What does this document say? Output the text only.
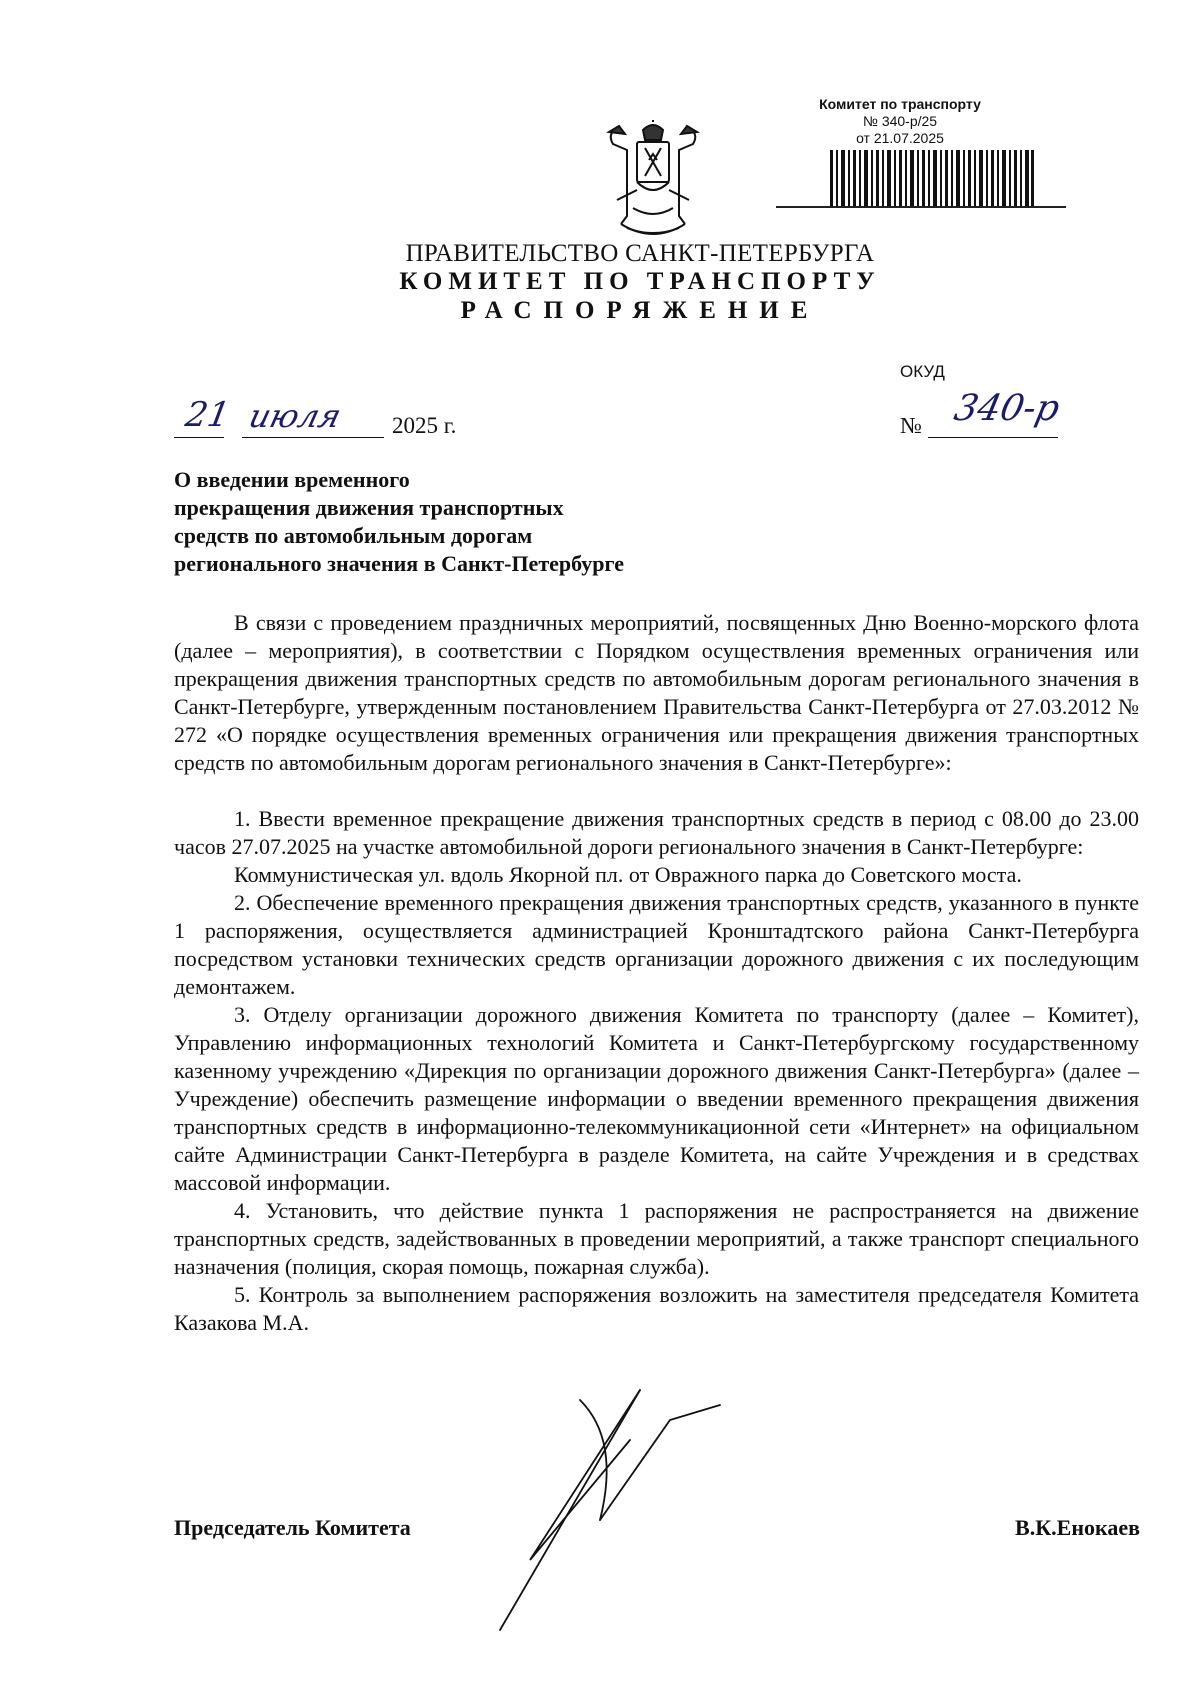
Комитет по транспорту
№ 340-р/25
от 21.07.2025
ПРАВИТЕЛЬСТВО САНКТ-ПЕТЕРБУРГА
КОМИТЕТ ПО ТРАНСПОРТУ
РАСПОРЯЖЕНИЕ
ОКУД
21 июля 2025 г.	№ 340-р
О введении временного
прекращения движения транспортных
средств по автомобильным дорогам
регионального значения в Санкт-Петербурге

В связи с проведением праздничных мероприятий, посвященных Дню Военно-морского флота (далее – мероприятия), в соответствии с Порядком осуществления временных ограничения или прекращения движения транспортных средств по автомобильным дорогам регионального значения в Санкт-Петербурге, утвержденным постановлением Правительства Санкт-Петербурга от 27.03.2012 № 272 «О порядке осуществления временных ограничения или прекращения движения транспортных средств по автомобильным дорогам регионального значения в Санкт-Петербурге»:

1. Ввести временное прекращение движения транспортных средств в период с 08.00 до 23.00 часов 27.07.2025 на участке автомобильной дороги регионального значения в Санкт-Петербурге:

Коммунистическая ул. вдоль Якорной пл. от Овражного парка до Советского моста.

2. Обеспечение временного прекращения движения транспортных средств, указанного в пункте 1 распоряжения, осуществляется администрацией Кронштадтского района Санкт-Петербурга посредством установки технических средств организации дорожного движения с их последующим демонтажем.

3. Отделу организации дорожного движения Комитета по транспорту (далее – Комитет), Управлению информационных технологий Комитета и Санкт-Петербургскому государственному казенному учреждению «Дирекция по организации дорожного движения Санкт-Петербурга» (далее – Учреждение) обеспечить размещение информации о введении временного прекращения движения транспортных средств в информационно-телекоммуникационной сети «Интернет» на официальном сайте Администрации Санкт-Петербурга в разделе Комитета, на сайте Учреждения и в средствах массовой информации.

4. Установить, что действие пункта 1 распоряжения не распространяется на движение транспортных средств, задействованных в проведении мероприятий, а также транспорт специального назначения (полиция, скорая помощь, пожарная служба).

5. Контроль за выполнением распоряжения возложить на заместителя председателя Комитета Казакова М.А.

Председатель Комитета	В.К.Енокаев
